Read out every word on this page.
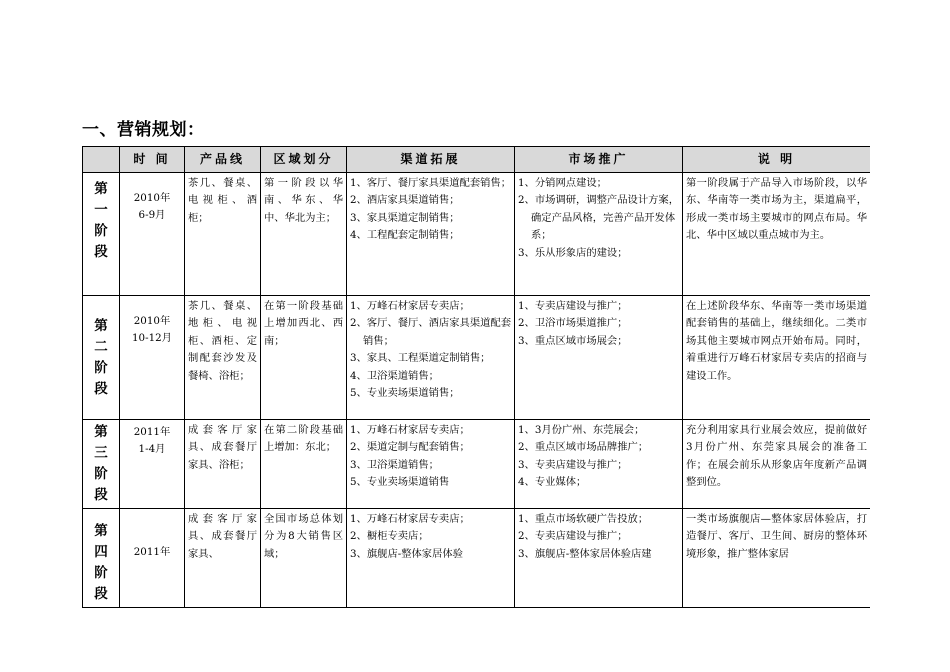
一、营销规划：
	时 间	产品线	区域划分	渠道拓展	市场推广	说 明

第
一
阶
段	2010年
6-9月	茶几、餐桌、电视柜、酒柜；	第一阶段以华南、华东、华中、华北为主；	1、客厅、餐厅家具渠道配套销售；
2、酒店家具渠道销售；
3、家具渠道定制销售；
4、工程配套定制销售；	1、分销网点建设；
2、市场调研，调整产品设计方案，确定产品风格，完善产品开发体系；
3、乐从形象店的建设；	第一阶段属于产品导入市场阶段，以华东、华南等一类市场为主，渠道扁平，形成一类市场主要城市的网点布局。华北、华中区域以重点城市为主。

第
二
阶
段	2010年
10-12月	茶几、餐桌、地柜、电视柜、酒柜、定制配套沙发及餐椅、浴柜；	在第一阶段基础上增加西北、西南；	1、万峰石材家居专卖店；
2、客厅、餐厅、酒店家具渠道配套销售；
3、家具、工程渠道定制销售；
4、卫浴渠道销售；
5、专业卖场渠道销售；	1、专卖店建设与推广；
2、卫浴市场渠道推广；
3、重点区域市场展会；	在上述阶段华东、华南等一类市场渠道配套销售的基础上，继续细化。二类市场其他主要城市网点开始布局。同时，着重进行万峰石材家居专卖店的招商与建设工作。

第
三
阶
段	2011年
1-4月	成套客厅家具、成套餐厅家具、浴柜；	在第二阶段基础上增加：东北；	1、万峰石材家居专卖店；
2、渠道定制与配套销售；
3、卫浴渠道销售；
5、专业卖场渠道销售	1、3月份广州、东莞展会；
2、重点区域市场品牌推广；
3、专卖店建设与推广；
4、专业媒体；	充分利用家具行业展会效应，提前做好3月份广州、东莞家具展会的准备工作；在展会前乐从形象店年度新产品调整到位。

第
四
阶
段	2011年	成套客厅家具、成套餐厅家具、	全国市场总体划分为8大销售区域；	1、万峰石材家居专卖店；
2、橱柜专卖店；
3、旗舰店-整体家居体验	1、重点市场软硬广告投放；
2、专卖店建设与推广；
3、旗舰店-整体家居体验店建	一类市场旗舰店—整体家居体验店，打造餐厅、客厅、卫生间、厨房的整体环境形象，推广整体家居
